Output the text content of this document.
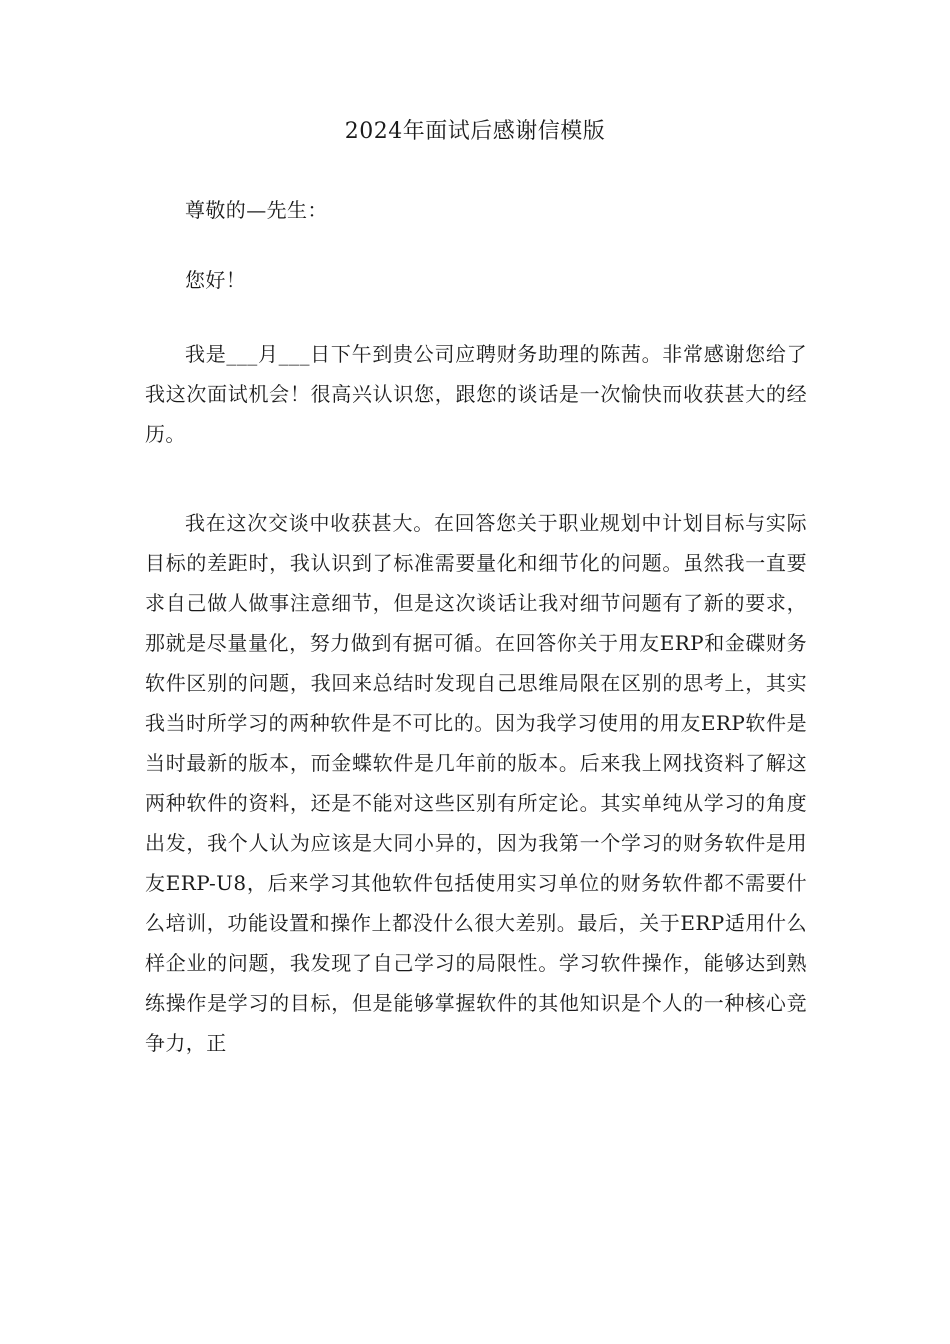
2024年面试后感谢信模版
尊敬的—先生：
您好！
我是___月___日下午到贵公司应聘财务助理的陈茜。非常感谢您给了我这次面试机会！很高兴认识您，跟您的谈话是一次愉快而收获甚大的经历。
我在这次交谈中收获甚大。在回答您关于职业规划中计划目标与实际目标的差距时，我认识到了标准需要量化和细节化的问题。虽然我一直要求自己做人做事注意细节，但是这次谈话让我对细节问题有了新的要求，那就是尽量量化，努力做到有据可循。在回答你关于用友ERP和金碟财务软件区别的问题，我回来总结时发现自己思维局限在区别的思考上，其实我当时所学习的两种软件是不可比的。因为我学习使用的用友ERP软件是当时最新的版本，而金蝶软件是几年前的版本。后来我上网找资料了解这两种软件的资料，还是不能对这些区别有所定论。其实单纯从学习的角度出发，我个人认为应该是大同小异的，因为我第一个学习的财务软件是用友ERP-U8，后来学习其他软件包括使用实习单位的财务软件都不需要什么培训，功能设置和操作上都没什么很大差别。最后，关于ERP适用什么样企业的问题，我发现了自己学习的局限性。学习软件操作，能够达到熟练操作是学习的目标，但是能够掌握软件的其他知识是个人的一种核心竞争力，正
